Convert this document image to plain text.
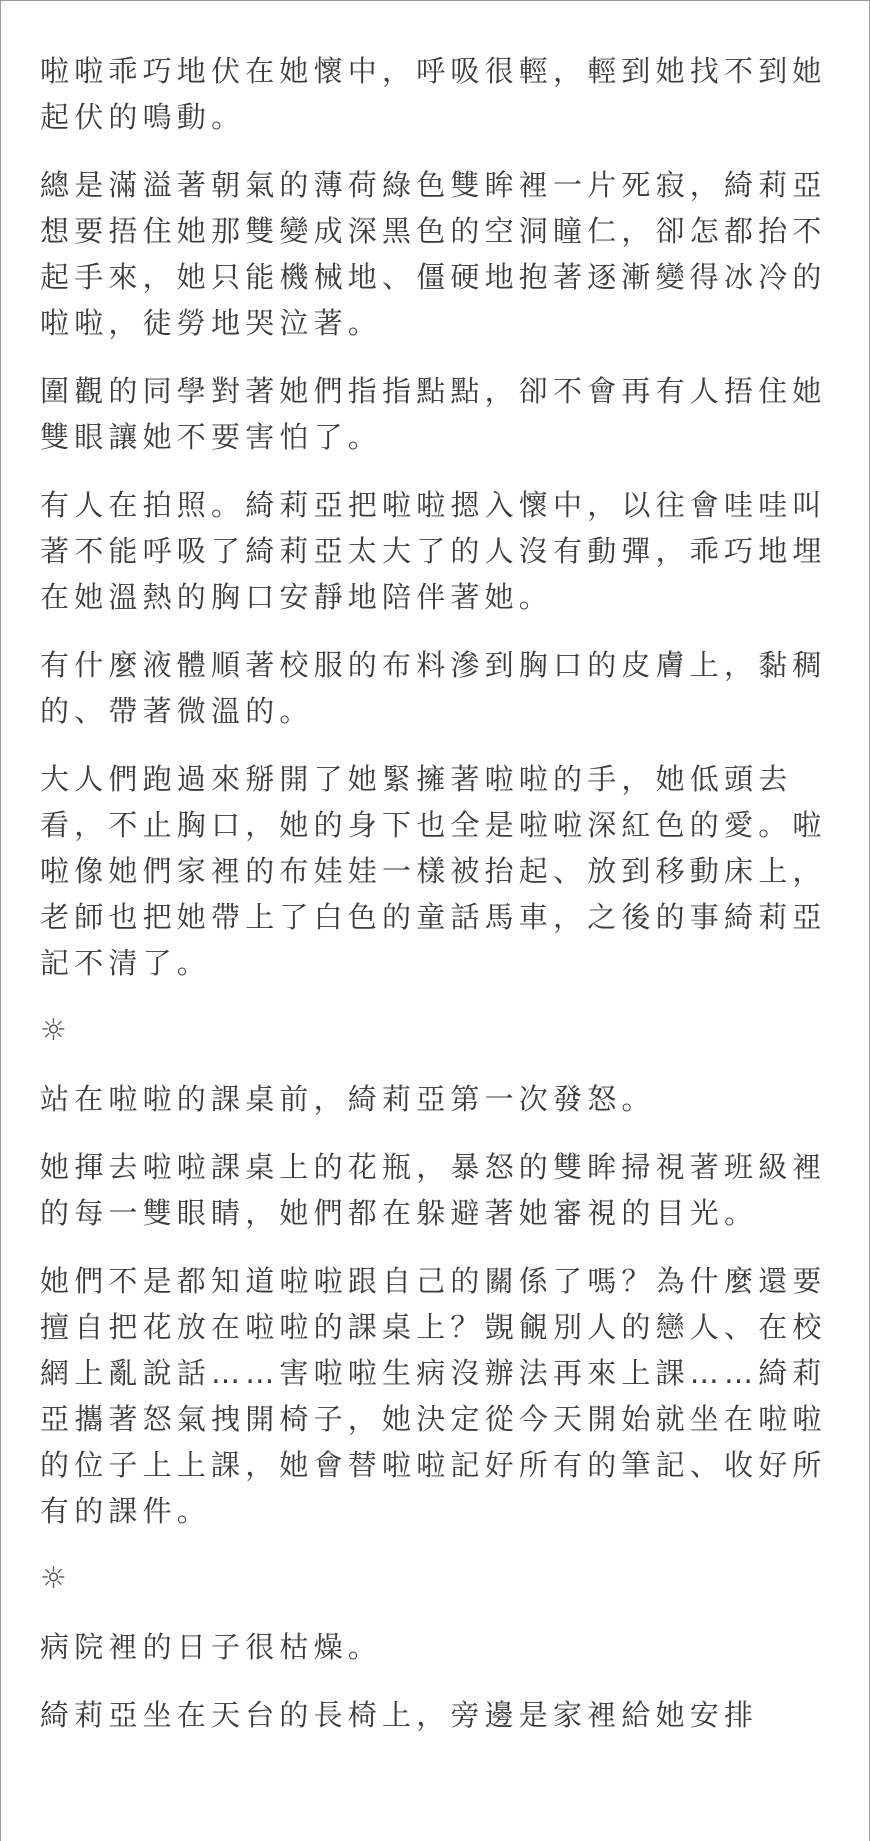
啦啦乖巧地伏在她懷中，呼吸很輕，輕到她找不到她起伏的鳴動。

總是滿溢著朝氣的薄荷綠色雙眸裡一片死寂，綺莉亞想要捂住她那雙變成深黑色的空洞瞳仁，卻怎都抬不起手來，她只能機械地、僵硬地抱著逐漸變得冰冷的啦啦，徒勞地哭泣著。

圍觀的同學對著她們指指點點，卻不會再有人捂住她雙眼讓她不要害怕了。

有人在拍照。綺莉亞把啦啦摁入懷中，以往會哇哇叫著不能呼吸了綺莉亞太大了的人沒有動彈，乖巧地埋在她溫熱的胸口安靜地陪伴著她。

有什麼液體順著校服的布料滲到胸口的皮膚上，黏稠的、帶著微溫的。

大人們跑過來掰開了她緊擁著啦啦的手，她低頭去看，不止胸口，她的身下也全是啦啦深紅色的愛。啦啦像她們家裡的布娃娃一樣被抬起、放到移動床上，老師也把她帶上了白色的童話馬車，之後的事綺莉亞記不清了。

☼

站在啦啦的課桌前，綺莉亞第一次發怒。

她揮去啦啦課桌上的花瓶，暴怒的雙眸掃視著班級裡的每一雙眼睛，她們都在躲避著她審視的目光。

她們不是都知道啦啦跟自己的關係了嗎？為什麼還要擅自把花放在啦啦的課桌上？覬覦別人的戀人、在校網上亂說話……害啦啦生病沒辦法再來上課……綺莉亞攜著怒氣拽開椅子，她決定從今天開始就坐在啦啦的位子上上課，她會替啦啦記好所有的筆記、收好所有的課件。

☼

病院裡的日子很枯燥。

綺莉亞坐在天台的長椅上，旁邊是家裡給她安排
